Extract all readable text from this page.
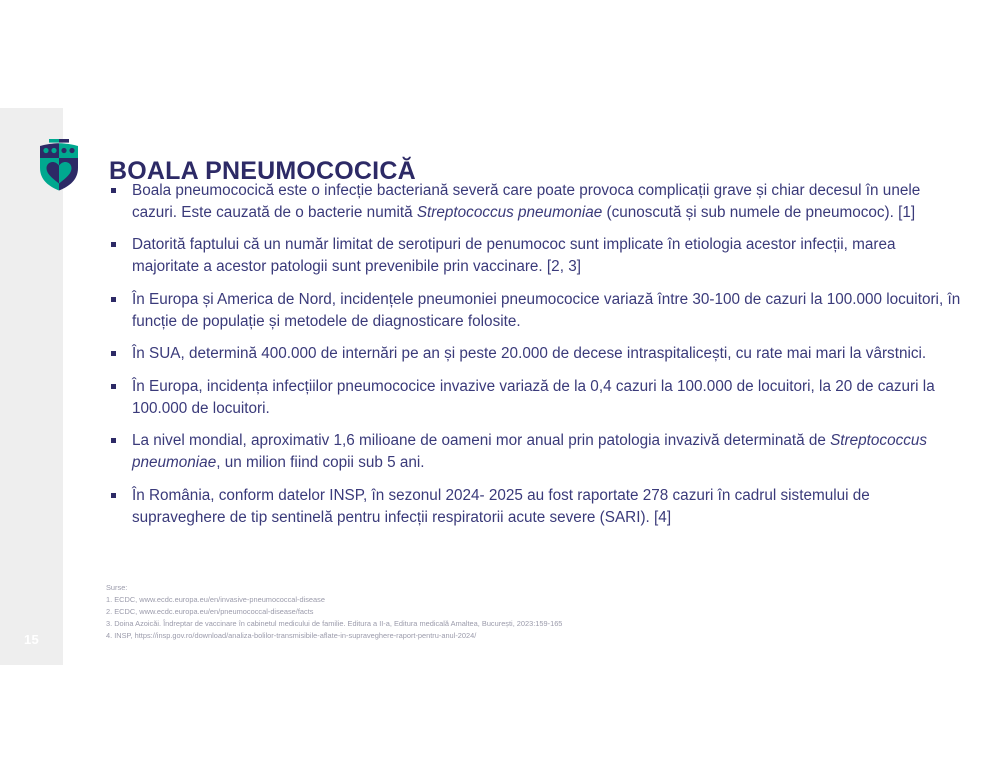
15
BOALA PNEUMOCOCICĂ
Boala pneumococică este o infecție bacteriană severă care poate provoca complicații grave și chiar decesul în unele cazuri. Este cauzată de o bacterie numită Streptococcus pneumoniae (cunoscută și sub numele de pneumococ). [1]
Datorită faptului că un număr limitat de serotipuri de penumococ sunt implicate în etiologia acestor infecții, marea majoritate a acestor patologii sunt prevenibile prin vaccinare. [2, 3]
În Europa și America de Nord, incidențele pneumoniei pneumococice variază între 30-100 de cazuri la 100.000 locuitori, în funcție de populație și metodele de diagnosticare folosite.
În SUA, determină 400.000 de internări pe an și peste 20.000 de decese intraspitalicești, cu rate mai mari la vârstnici.
În Europa, incidența infecțiilor pneumococice invazive variază de la 0,4 cazuri la 100.000 de locuitori, la 20 de cazuri la 100.000 de locuitori.
La nivel mondial, aproximativ 1,6 milioane de oameni mor anual prin patologia invazivă determinată de Streptococcus pneumoniae, un milion fiind copii sub 5 ani.
În România, conform datelor INSP, în sezonul 2024- 2025 au fost raportate 278 cazuri în cadrul sistemului de supraveghere de tip sentinelă pentru infecții respiratorii acute severe (SARI). [4]
Surse:
1. ECDC, www.ecdc.europa.eu/en/invasive-pneumococcal-disease
2. ECDC, www.ecdc.europa.eu/en/pneumococcal-disease/facts
3. Doina Azoicăi. Îndreptar de vaccinare în cabinetul medicului de familie. Editura a II-a, Editura medicală Amaltea, București, 2023:159-165
4. INSP, https://insp.gov.ro/download/analiza-bolilor-transmisibile-aflate-in-supraveghere-raport-pentru-anul-2024/
